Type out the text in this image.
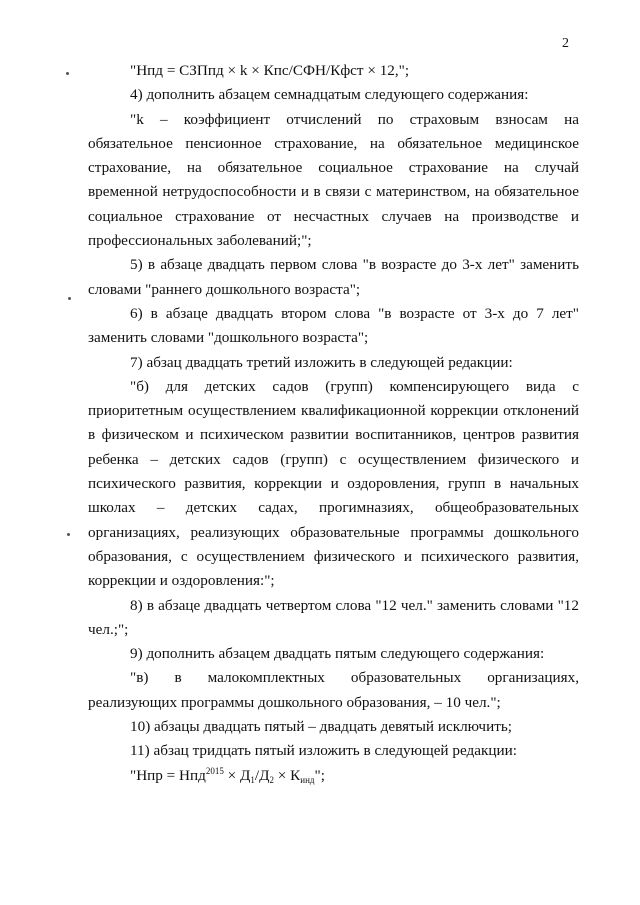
2

"Нпд = СЗПпд × k × Кпс/СФН/Кфст × 12,";

4) дополнить абзацем семнадцатым следующего содержания:

"k – коэффициент отчислений по страховым взносам на обязательное пенсионное страхование, на обязательное медицинское страхование, на обязательное социальное страхование на случай временной нетрудоспособности и в связи с материнством, на обязательное социальное страхование от несчастных случаев на производстве и профессиональных заболеваний;";

5) в абзаце двадцать первом слова "в возрасте до 3-х лет" заменить словами "раннего дошкольного возраста";

6) в абзаце двадцать втором слова "в возрасте от 3-х до 7 лет" заменить словами "дошкольного возраста";

7) абзац двадцать третий изложить в следующей редакции:

"б) для детских садов (групп) компенсирующего вида с приоритетным осуществлением квалификационной коррекции отклонений в физическом и психическом развитии воспитанников, центров развития ребенка – детских садов (групп) с осуществлением физического и психического развития, коррекции и оздоровления, групп в начальных школах – детских садах, прогимназиях, общеобразовательных организациях, реализующих образовательные программы дошкольного образования, с осуществлением физического и психического развития, коррекции и оздоровления:";

8) в абзаце двадцать четвертом слова "12 чел." заменить словами "12 чел.;";

9) дополнить абзацем двадцать пятым следующего содержания:

"в) в малокомплектных образовательных организациях, реализующих программы дошкольного образования, – 10 чел.";

10) абзацы двадцать пятый – двадцать девятый исключить;

11) абзац тридцать пятый изложить в следующей редакции:

"Нпр = $Нпд^{2015} \times Д_1/Д_2 \times К_{инд}$";
